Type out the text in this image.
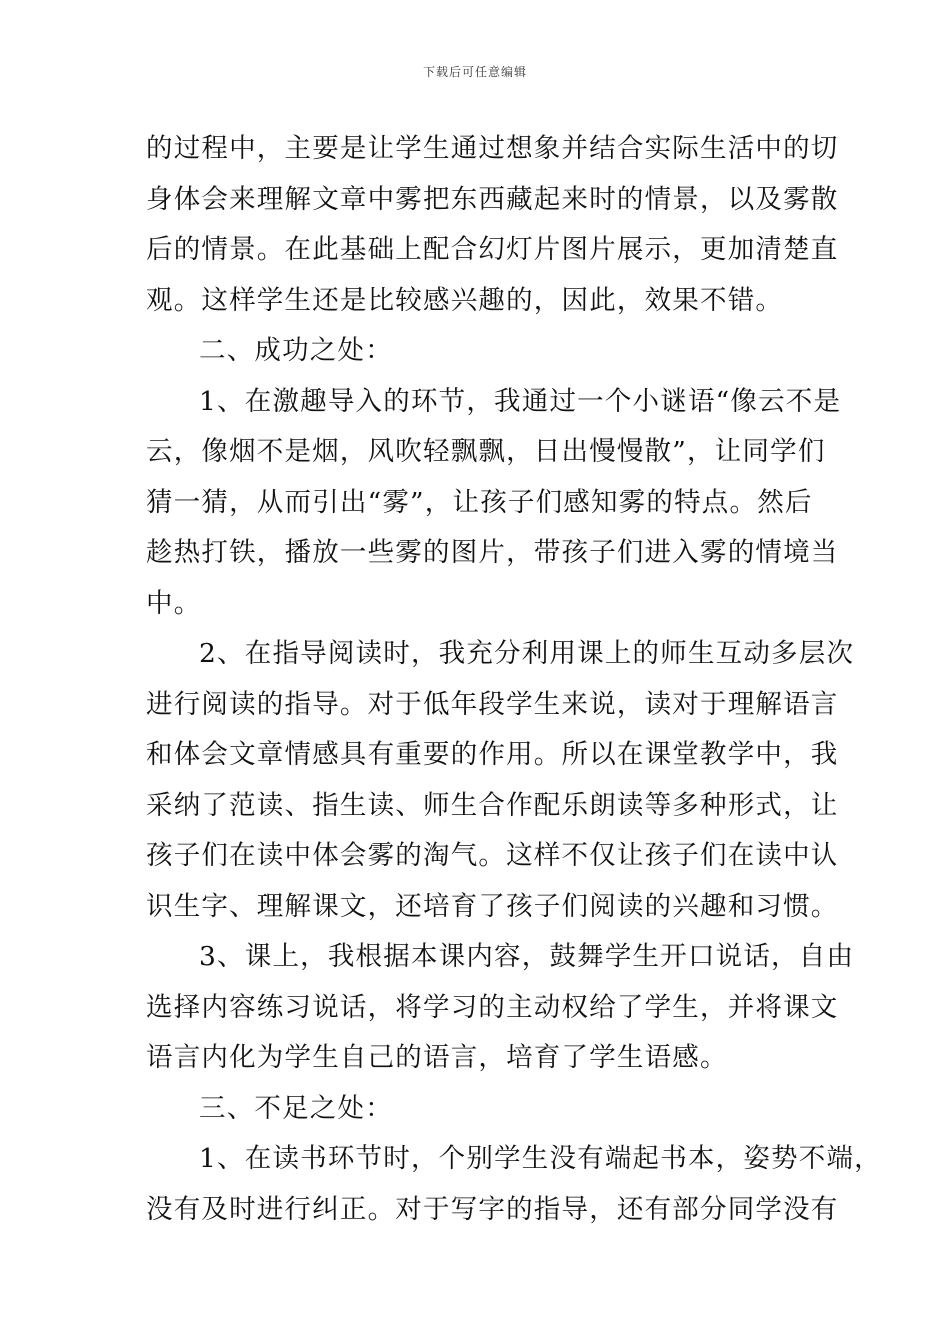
下载后可任意编辑
的过程中，主要是让学生通过想象并结合实际生活中的切
身体会来理解文章中雾把东西藏起来时的情景，以及雾散
后的情景。在此基础上配合幻灯片图片展示，更加清楚直
观。这样学生还是比较感兴趣的，因此，效果不错。
二、成功之处：
1、在激趣导入的环节，我通过一个小谜语“像云不是
云，像烟不是烟，风吹轻飘飘，日出慢慢散”，让同学们
猜一猜，从而引出“雾”，让孩子们感知雾的特点。然后
趁热打铁，播放一些雾的图片，带孩子们进入雾的情境当
中。
2、在指导阅读时，我充分利用课上的师生互动多层次
进行阅读的指导。对于低年段学生来说，读对于理解语言
和体会文章情感具有重要的作用。所以在课堂教学中，我
采纳了范读、指生读、师生合作配乐朗读等多种形式，让
孩子们在读中体会雾的淘气。这样不仅让孩子们在读中认
识生字、理解课文，还培育了孩子们阅读的兴趣和习惯。
3、课上，我根据本课内容，鼓舞学生开口说话，自由
选择内容练习说话，将学习的主动权给了学生，并将课文
语言内化为学生自己的语言，培育了学生语感。
三、不足之处：
1、在读书环节时，个别学生没有端起书本，姿势不端，
没有及时进行纠正。对于写字的指导，还有部分同学没有
